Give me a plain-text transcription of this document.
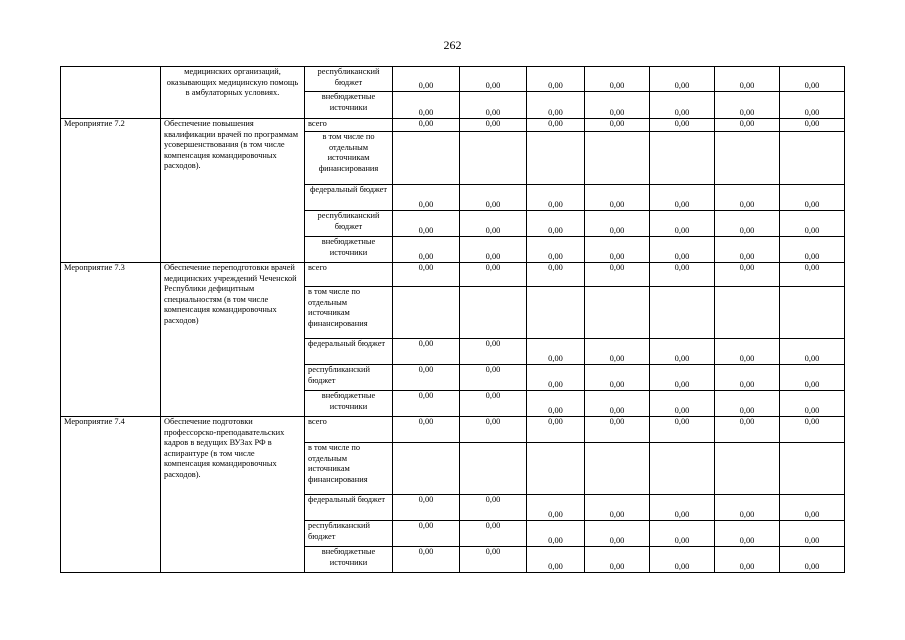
262
	медицинских организаций, оказывающих медицинскую помощь в амбулаторных условиях.	республиканский бюджет	0,00	0,00	0,00	0,00	0,00	0,00	0,00
		внебюджетные источники	0,00	0,00	0,00	0,00	0,00	0,00	0,00
Мероприятие 7.2	Обеспечение повышения квалификации врачей по программам усовершенствования (в том числе компенсация командировочных расходов).	всего	0,00	0,00	0,00	0,00	0,00	0,00	0,00
		в том числе по отдельным источникам финансирования							
		федеральный бюджет	0,00	0,00	0,00	0,00	0,00	0,00	0,00
		республиканский бюджет	0,00	0,00	0,00	0,00	0,00	0,00	0,00
		внебюджетные источники	0,00	0,00	0,00	0,00	0,00	0,00	0,00
Мероприятие 7.3	Обеспечение переподготовки врачей медицинских учреждений Чеченской Республики дефицитным специальностям (в том числе компенсация командировочных расходов)	всего	0,00	0,00	0,00	0,00	0,00	0,00	0,00
		в том числе по отдельным источникам финансирования							
		федеральный бюджет	0,00	0,00	0,00	0,00	0,00	0,00	0,00
		республиканский бюджет	0,00	0,00	0,00	0,00	0,00	0,00	0,00
		внебюджетные источники	0,00	0,00	0,00	0,00	0,00	0,00	0,00
Мероприятие 7.4	Обеспечение подготовки профессорско-преподавательских кадров в ведущих ВУЗах РФ в аспирантуре (в том числе компенсация командировочных расходов).	всего	0,00	0,00	0,00	0,00	0,00	0,00	0,00
		в том числе по отдельным источникам финансирования							
		федеральный бюджет	0,00	0,00	0,00	0,00	0,00	0,00	0,00
		республиканский бюджет	0,00	0,00	0,00	0,00	0,00	0,00	0,00
		внебюджетные источники	0,00	0,00	0,00	0,00	0,00	0,00	0,00
